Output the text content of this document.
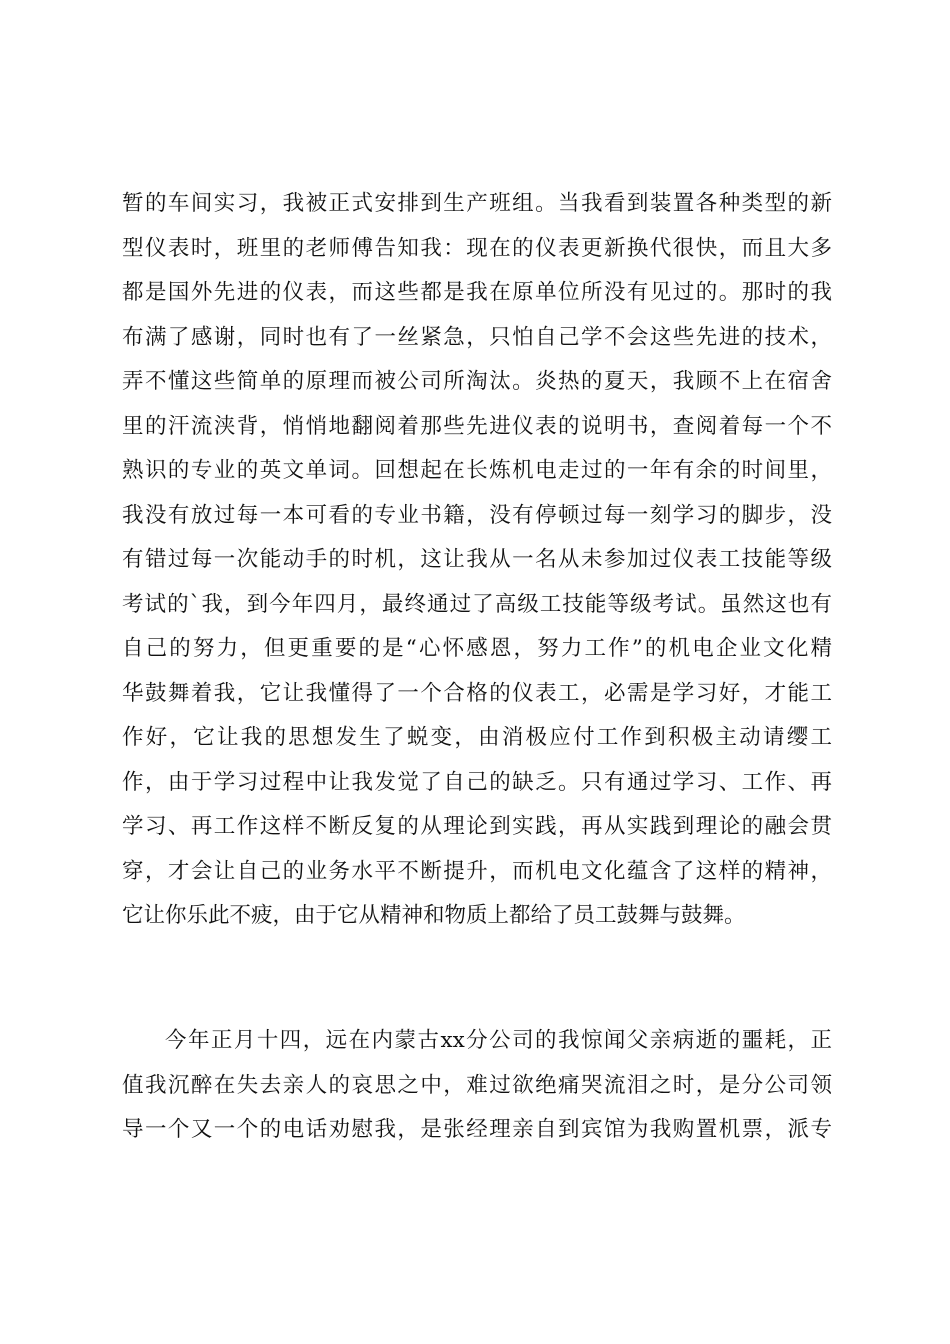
暂的车间实习，我被正式安排到生产班组。当我看到装置各种类型的新
型仪表时，班里的老师傅告知我：现在的仪表更新换代很快，而且大多
都是国外先进的仪表，而这些都是我在原单位所没有见过的。那时的我
布满了感谢，同时也有了一丝紧急，只怕自己学不会这些先进的技术，
弄不懂这些简单的原理而被公司所淘汰。炎热的夏天，我顾不上在宿舍
里的汗流浃背，悄悄地翻阅着那些先进仪表的说明书，查阅着每一个不
熟识的专业的英文单词。回想起在长炼机电走过的一年有余的时间里，
我没有放过每一本可看的专业书籍，没有停顿过每一刻学习的脚步，没
有错过每一次能动手的时机，这让我从一名从未参加过仪表工技能等级
考试的`我，到今年四月，最终通过了高级工技能等级考试。虽然这也有
自己的努力，但更重要的是“心怀感恩，努力工作”的机电企业文化精
华鼓舞着我，它让我懂得了一个合格的仪表工，必需是学习好，才能工
作好，它让我的思想发生了蜕变，由消极应付工作到积极主动请缨工
作，由于学习过程中让我发觉了自己的缺乏。只有通过学习、工作、再
学习、再工作这样不断反复的从理论到实践，再从实践到理论的融会贯
穿，才会让自己的业务水平不断提升，而机电文化蕴含了这样的精神，
它让你乐此不疲，由于它从精神和物质上都给了员工鼓舞与鼓舞。
今年正月十四，远在内蒙古xx分公司的我惊闻父亲病逝的噩耗，正
值我沉醉在失去亲人的哀思之中，难过欲绝痛哭流泪之时，是分公司领
导一个又一个的电话劝慰我，是张经理亲自到宾馆为我购置机票，派专
